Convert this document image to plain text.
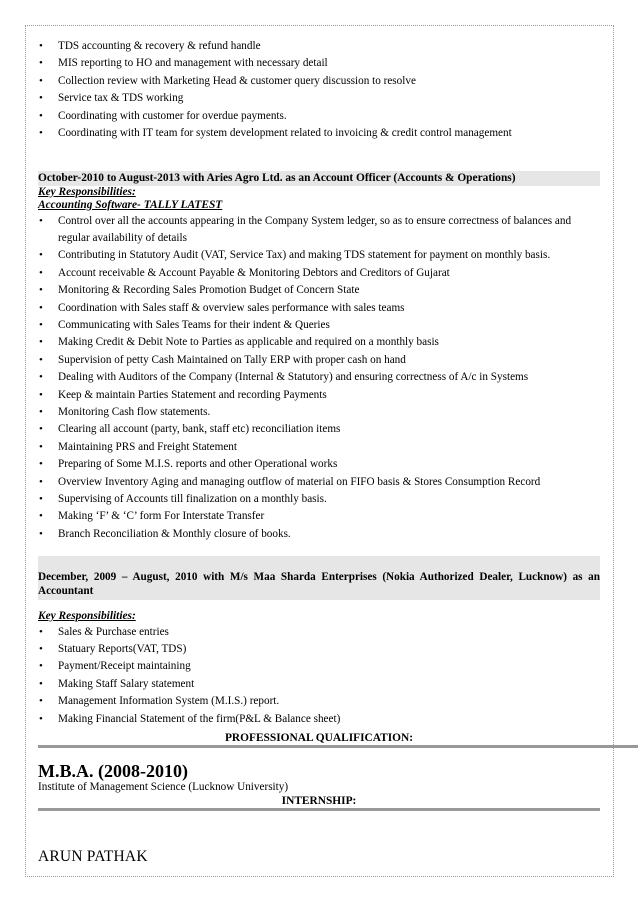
• TDS accounting & recovery & refund handle
• MIS reporting to HO and management with necessary detail
• Collection review with Marketing Head & customer query discussion to resolve
• Service tax & TDS working
• Coordinating with customer for overdue payments.
• Coordinating with IT team for system development related to invoicing & credit control management
October-2010 to August-2013 with Aries Agro Ltd. as an Account Officer (Accounts & Operations)
Key Responsibilities:
Accounting Software- TALLY LATEST
• Control over all the accounts appearing in the Company System ledger, so as to ensure correctness of balances and regular availability of details
• Contributing in Statutory Audit (VAT, Service Tax) and making TDS statement for payment on monthly basis.
• Account receivable & Account Payable & Monitoring Debtors and Creditors of Gujarat
• Monitoring & Recording Sales Promotion Budget of Concern State
• Coordination with Sales staff & overview sales performance with sales teams
• Communicating with Sales Teams for their indent & Queries
• Making Credit & Debit Note to Parties as applicable and required on a monthly basis
• Supervision of petty Cash Maintained on Tally ERP with proper cash on hand
• Dealing with Auditors of the Company (Internal & Statutory) and ensuring correctness of A/c in Systems
• Keep & maintain Parties Statement and recording Payments
• Monitoring Cash flow statements.
• Clearing all account (party, bank, staff etc) reconciliation items
• Maintaining PRS and Freight Statement
• Preparing of Some M.I.S. reports and other Operational works
• Overview Inventory Aging and managing outflow of material on FIFO basis & Stores Consumption Record
• Supervising of Accounts till finalization on a monthly basis.
• Making ‘F’ & ‘C’ form For Interstate Transfer
• Branch Reconciliation & Monthly closure of books.
December, 2009 – August, 2010 with M/s Maa Sharda Enterprises (Nokia Authorized Dealer, Lucknow) as an Accountant
Key Responsibilities:
• Sales & Purchase entries
• Statuary Reports(VAT, TDS)
• Payment/Receipt maintaining
• Making Staff Salary statement
• Management Information System (M.I.S.) report.
• Making Financial Statement of the firm(P&L & Balance sheet)
PROFESSIONAL QUALIFICATION:
M.B.A. (2008-2010)
Institute of Management Science (Lucknow University)
INTERNSHIP:
ARUN PATHAK
